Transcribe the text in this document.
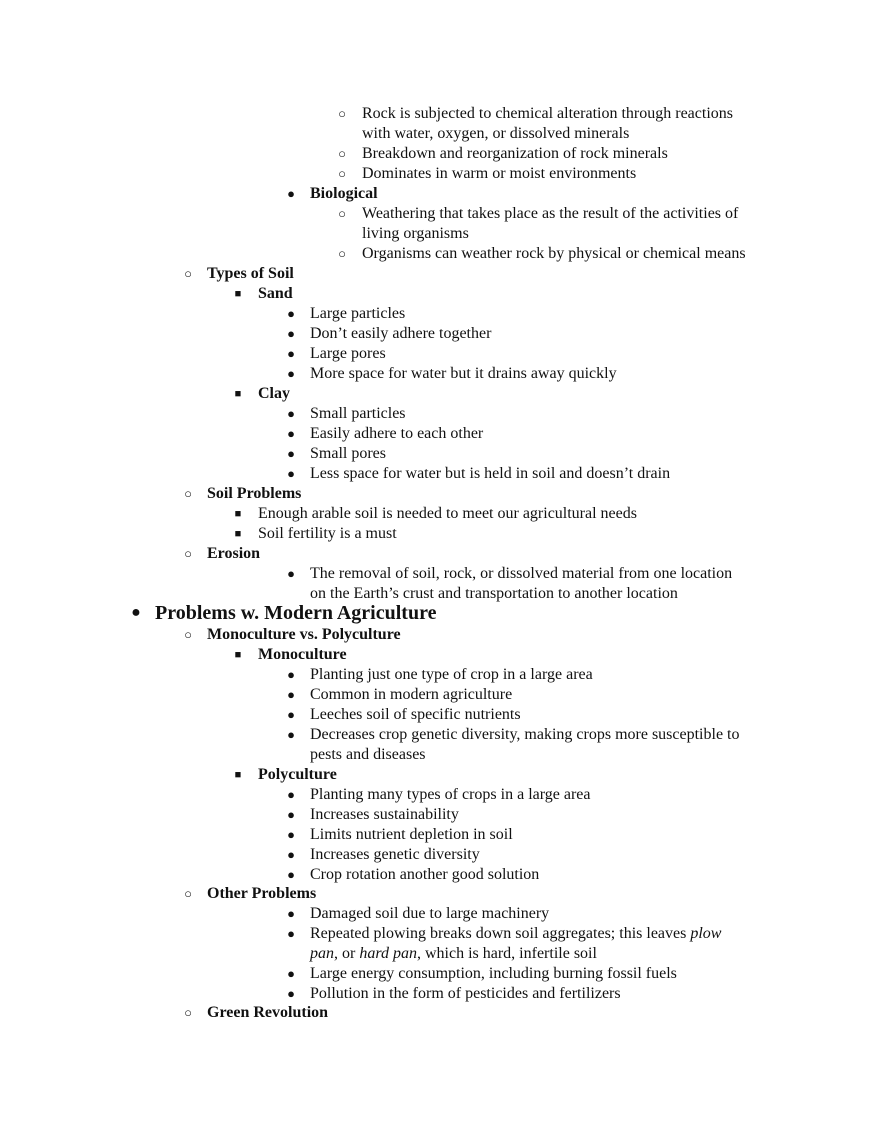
○ Rock is subjected to chemical alteration through reactions
with water, oxygen, or dissolved minerals
○ Breakdown and reorganization of rock minerals
○ Dominates in warm or moist environments
● Biological
○ Weathering that takes place as the result of the activities of
living organisms
○ Organisms can weather rock by physical or chemical means
○ Types of Soil
■ Sand
● Large particles
● Don’t easily adhere together
● Large pores
● More space for water but it drains away quickly
■ Clay
● Small particles
● Easily adhere to each other
● Small pores
● Less space for water but is held in soil and doesn’t drain
○ Soil Problems
■ Enough arable soil is needed to meet our agricultural needs
■ Soil fertility is a must
○ Erosion
● The removal of soil, rock, or dissolved material from one location
on the Earth’s crust and transportation to another location
● Problems w. Modern Agriculture
○ Monoculture vs. Polyculture
■ Monoculture
● Planting just one type of crop in a large area
● Common in modern agriculture
● Leeches soil of specific nutrients
● Decreases crop genetic diversity, making crops more susceptible to
pests and diseases
■ Polyculture
● Planting many types of crops in a large area
● Increases sustainability
● Limits nutrient depletion in soil
● Increases genetic diversity
● Crop rotation another good solution
○ Other Problems
● Damaged soil due to large machinery
● Repeated plowing breaks down soil aggregates; this leaves plow
pan, or hard pan, which is hard, infertile soil
● Large energy consumption, including burning fossil fuels
● Pollution in the form of pesticides and fertilizers
○ Green Revolution
